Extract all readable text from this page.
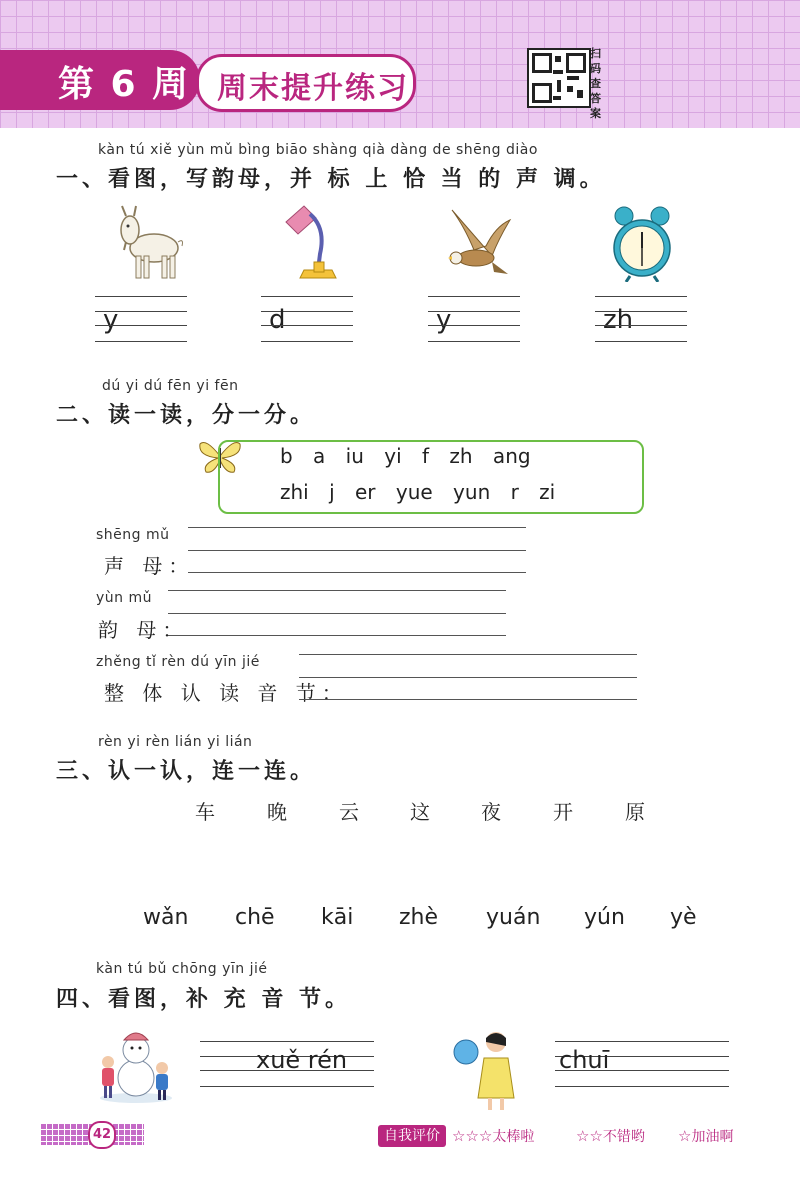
第 6 周 周末提升练习
扫码查答案
kàn tú xiě yùn mǔ bìng biāo shàng qià dàng de shēng diào
一、看图，写韵母，并 标 上 恰 当 的 声 调。
y	d	y	zh
dú yi dú fēn yi fēn
二、读一读，分一分。
b a iu yi f zh ang
zhi j er yue yun r zi
shēng mǔ
声 母：
yùn mǔ
韵 母：
zhěng tǐ rèn dú yīn jié
整 体 认 读 音 节：
rèn yi rèn lián yi lián
三、认一认，连一连。
车	晚	云	这	夜	开	原
wǎn chē kāi zhè yuán yún yè
kàn tú bǔ chōng yīn jié
四、看图，补 充 音 节。
xuě rén	chuī
42	自我评价 ☆☆☆太棒啦	☆☆不错哟 ☆加油啊
